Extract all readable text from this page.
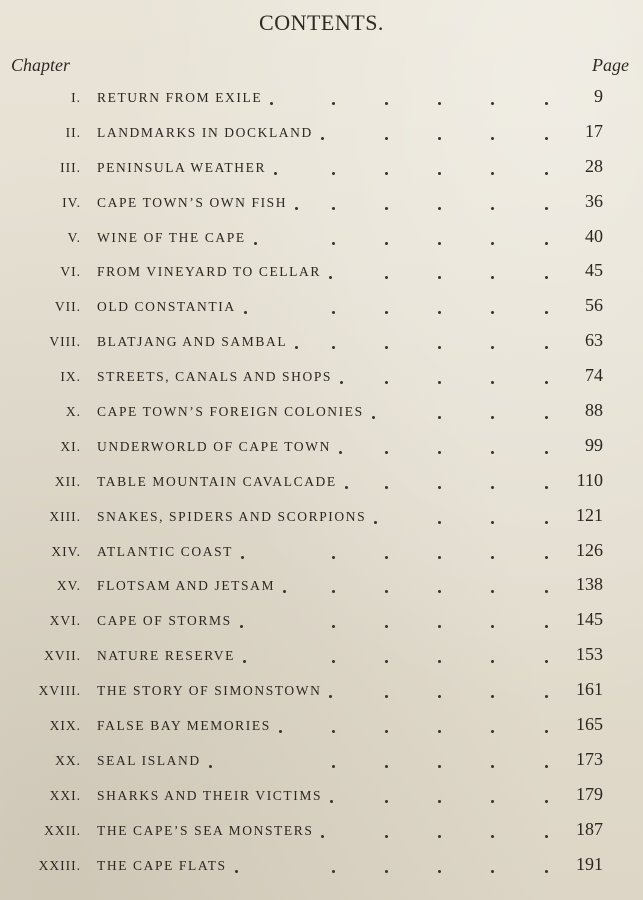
CONTENTS.
Chapter	Page
I. RETURN FROM EXILE	9
II. LANDMARKS IN DOCKLAND	17
III. PENINSULA WEATHER	28
IV. CAPE TOWN’S OWN FISH	36
V. WINE OF THE CAPE	40
VI. FROM VINEYARD TO CELLAR	45
VII. OLD CONSTANTIA	56
VIII. BLATJANG AND SAMBAL	63
IX. STREETS, CANALS AND SHOPS	74
X. CAPE TOWN’S FOREIGN COLONIES	88
XI. UNDERWORLD OF CAPE TOWN	99
XII. TABLE MOUNTAIN CAVALCADE	110
XIII. SNAKES, SPIDERS AND SCORPIONS	121
XIV. ATLANTIC COAST	126
XV. FLOTSAM AND JETSAM	138
XVI. CAPE OF STORMS	145
XVII. NATURE RESERVE	153
XVIII. THE STORY OF SIMONSTOWN	161
XIX. FALSE BAY MEMORIES	165
XX. SEAL ISLAND	173
XXI. SHARKS AND THEIR VICTIMS	179
XXII. THE CAPE’S SEA MONSTERS	187
XXIII. THE CAPE FLATS	191
